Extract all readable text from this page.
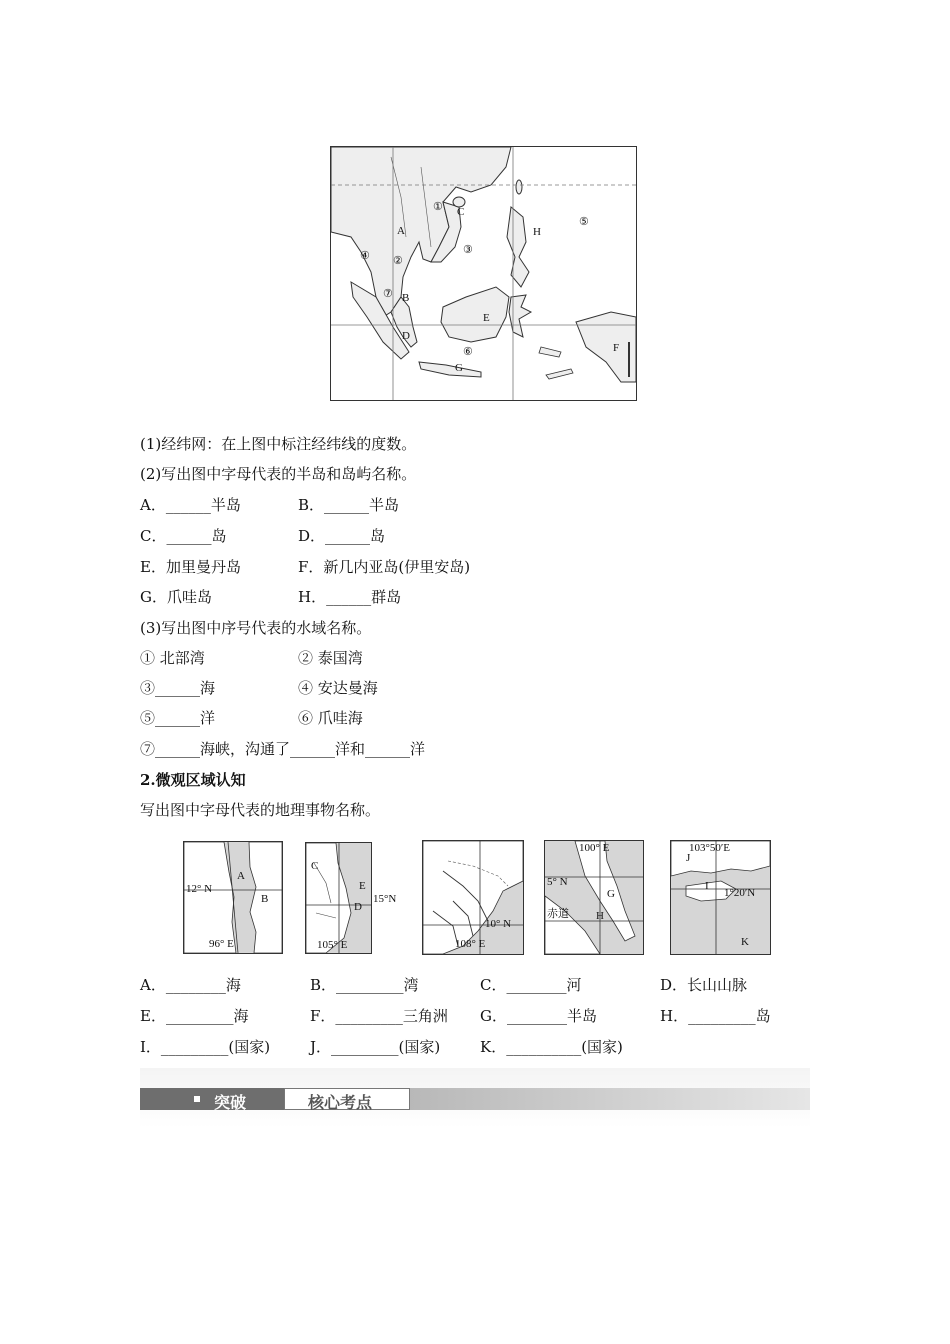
A
B
C
D
E
F
G
H
①
②
③
④
⑤
⑥
⑦
(1)经纬网：在上图中标注经纬线的度数。
(2)写出图中字母代表的半岛和岛屿名称。
A．______半岛	B．______半岛
C．______岛	D．______岛
E．加里曼丹岛	F．新几内亚岛(伊里安岛)
G．爪哇岛	H．______群岛
(3)写出图中序号代表的水域名称。
① 北部湾	② 泰国湾
③______海	④ 安达曼海
⑤______洋	⑥ 爪哇海
⑦______海峡，沟通了______洋和______洋
2.微观区域认知
写出图中字母代表的地理事物名称。
A
B
12° N
96° E
C
E
D
105° E
15°N
10° N
108° E
100° E
5° N
G
赤道 H
103°50′E
J
I
1°20′N
K
A．________海	B．_________湾	C．________河	D．长山山脉
E．_________海	F．_________三角洲 G．________半岛	H．_________岛
I．_________(国家)	J．_________(国家)	K．__________(国家)
突破	核心考点
